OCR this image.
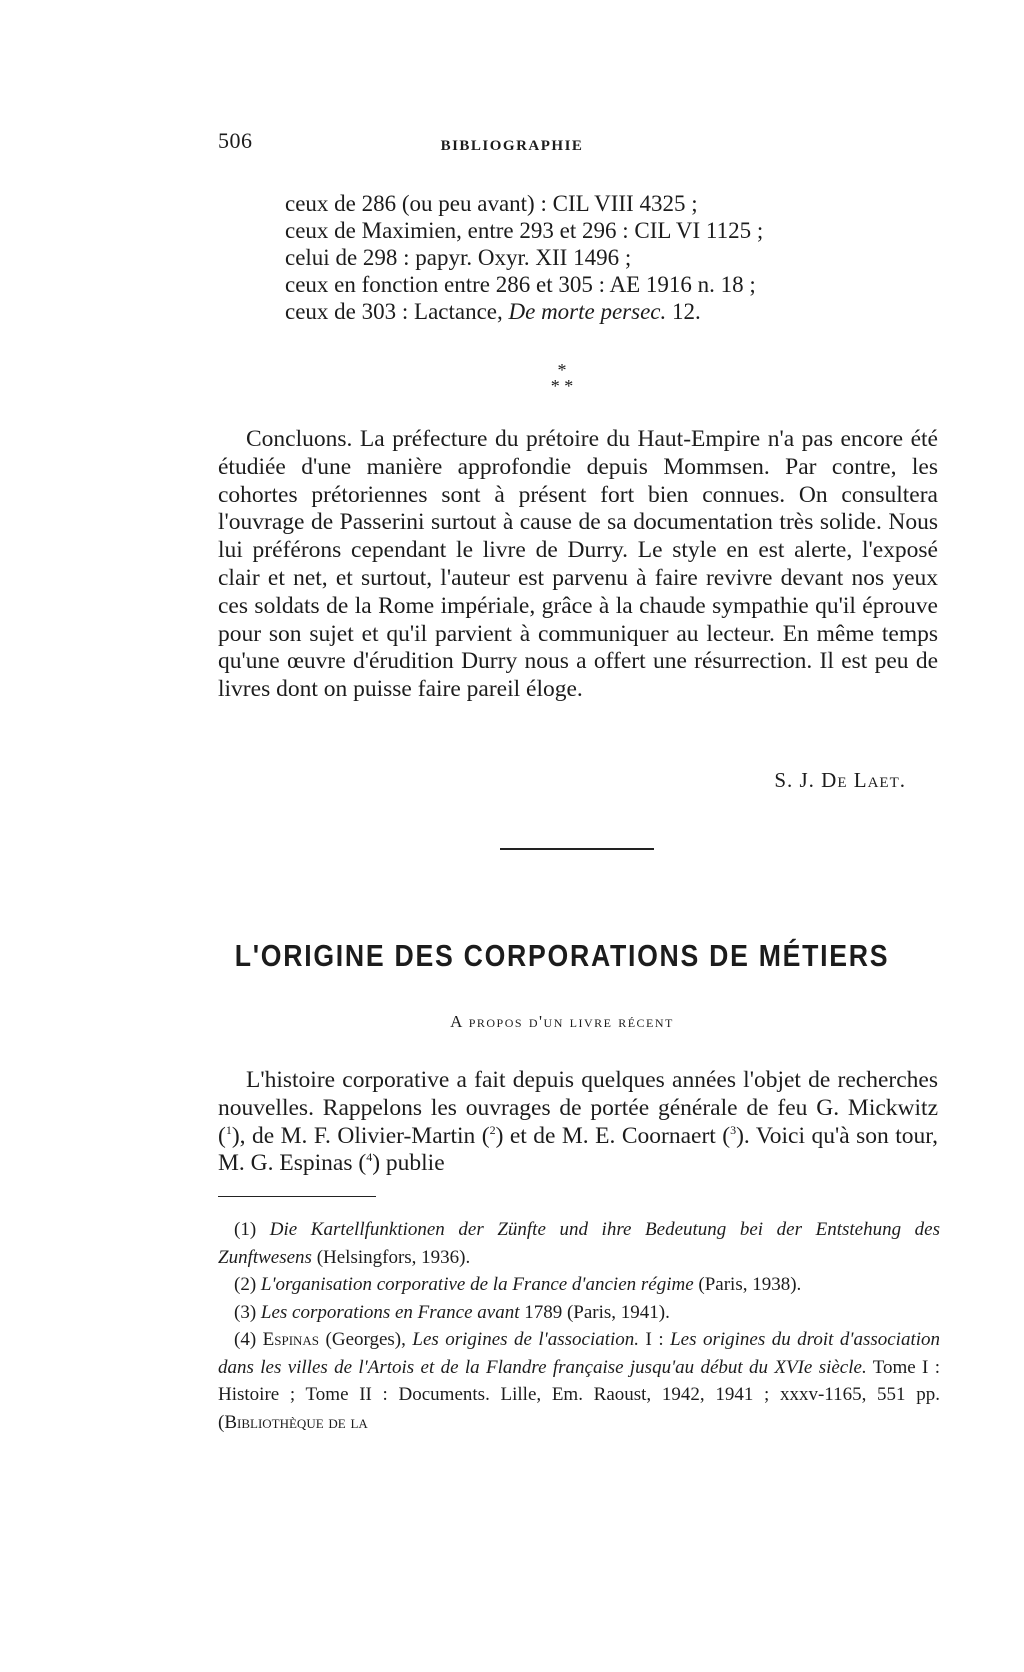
506	BIBLIOGRAPHIE
ceux de 286 (ou peu avant) : CIL VIII 4325 ;
ceux de Maximien, entre 293 et 296 : CIL VI 1125 ;
celui de 298 : papyr. Oxyr. XII 1496 ;
ceux en fonction entre 286 et 305 : AE 1916 n. 18 ;
ceux de 303 : Lactance, De morte persec. 12.
*
* *
Concluons. La préfecture du prétoire du Haut-Empire n'a pas encore été étudiée d'une manière approfondie depuis Mommsen. Par contre, les cohortes prétoriennes sont à présent fort bien connues. On consultera l'ouvrage de Passerini surtout à cause de sa documentation très solide. Nous lui préférons cependant le livre de Durry. Le style en est alerte, l'exposé clair et net, et surtout, l'auteur est parvenu à faire revivre devant nos yeux ces soldats de la Rome impériale, grâce à la chaude sympathie qu'il éprouve pour son sujet et qu'il parvient à communiquer au lecteur. En même temps qu'une œuvre d'érudition Durry nous a offert une résurrection. Il est peu de livres dont on puisse faire pareil éloge.
S. J. De Laet.
L'ORIGINE DES CORPORATIONS DE MÉTIERS
A propos d'un livre récent
L'histoire corporative a fait depuis quelques années l'objet de recherches nouvelles. Rappelons les ouvrages de portée générale de feu G. Mickwitz ($^1$), de M. F. Olivier-Martin ($^2$) et de M. E. Coornaert ($^3$). Voici qu'à son tour, M. G. Espinas ($^4$) publie
(1) Die Kartellfunktionen der Zünfte und ihre Bedeutung bei der Entstehung des Zunftwesens (Helsingfors, 1936).
(2) L'organisation corporative de la France d'ancien régime (Paris, 1938).
(3) Les corporations en France avant 1789 (Paris, 1941).
(4) Espinas (Georges), Les origines de l'association. I : Les origines du droit d'association dans les villes de l'Artois et de la Flandre française jusqu'au début du XVIe siècle. Tome I : Histoire ; Tome II : Documents. Lille, Em. Raoust, 1942, 1941 ; xxxv-1165, 551 pp. (Bibliothèque de la
